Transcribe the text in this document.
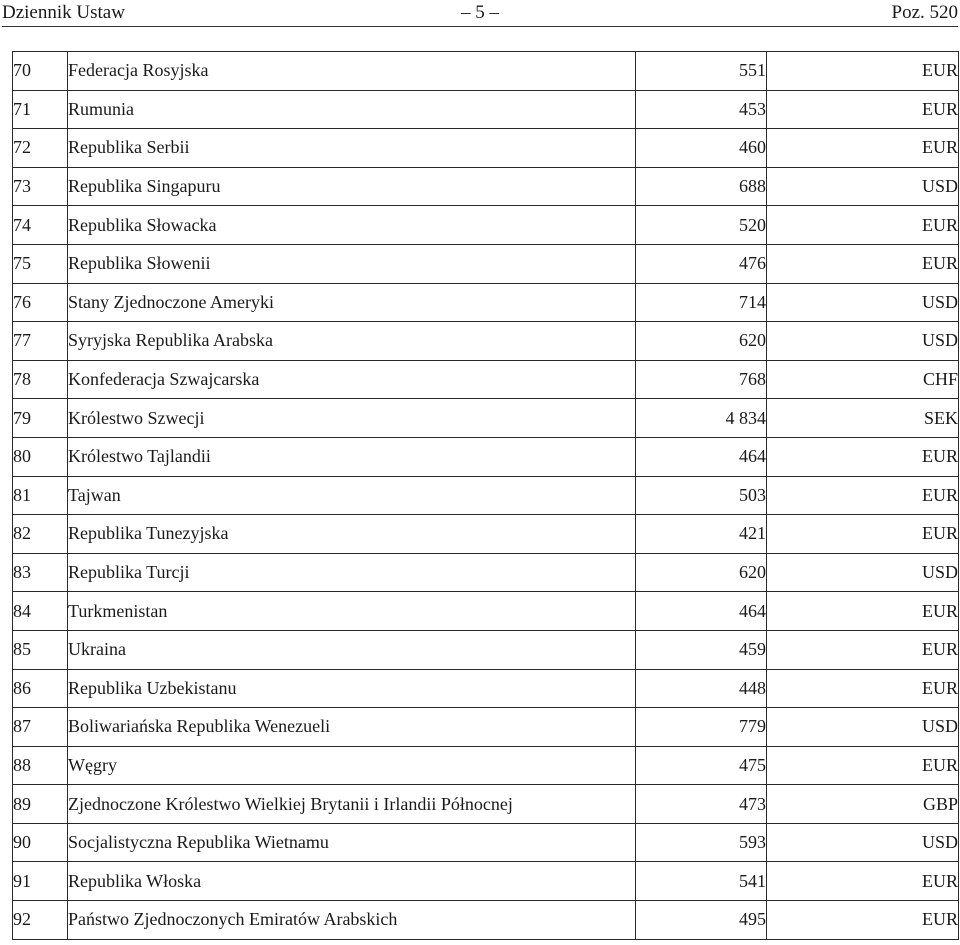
Dziennik Ustaw	– 5 –	Poz. 520
70	Federacja Rosyjska	551	EUR
71	Rumunia	453	EUR
72	Republika Serbii	460	EUR
73	Republika Singapuru	688	USD
74	Republika Słowacka	520	EUR
75	Republika Słowenii	476	EUR
76	Stany Zjednoczone Ameryki	714	USD
77	Syryjska Republika Arabska	620	USD
78	Konfederacja Szwajcarska	768	CHF
79	Królestwo Szwecji	4 834	SEK
80	Królestwo Tajlandii	464	EUR
81	Tajwan	503	EUR
82	Republika Tunezyjska	421	EUR
83	Republika Turcji	620	USD
84	Turkmenistan	464	EUR
85	Ukraina	459	EUR
86	Republika Uzbekistanu	448	EUR
87	Boliwariańska Republika Wenezueli	779	USD
88	Węgry	475	EUR
89	Zjednoczone Królestwo Wielkiej Brytanii i Irlandii Północnej	473	GBP
90	Socjalistyczna Republika Wietnamu	593	USD
91	Republika Włoska	541	EUR
92	Państwo Zjednoczonych Emiratów Arabskich	495	EUR
